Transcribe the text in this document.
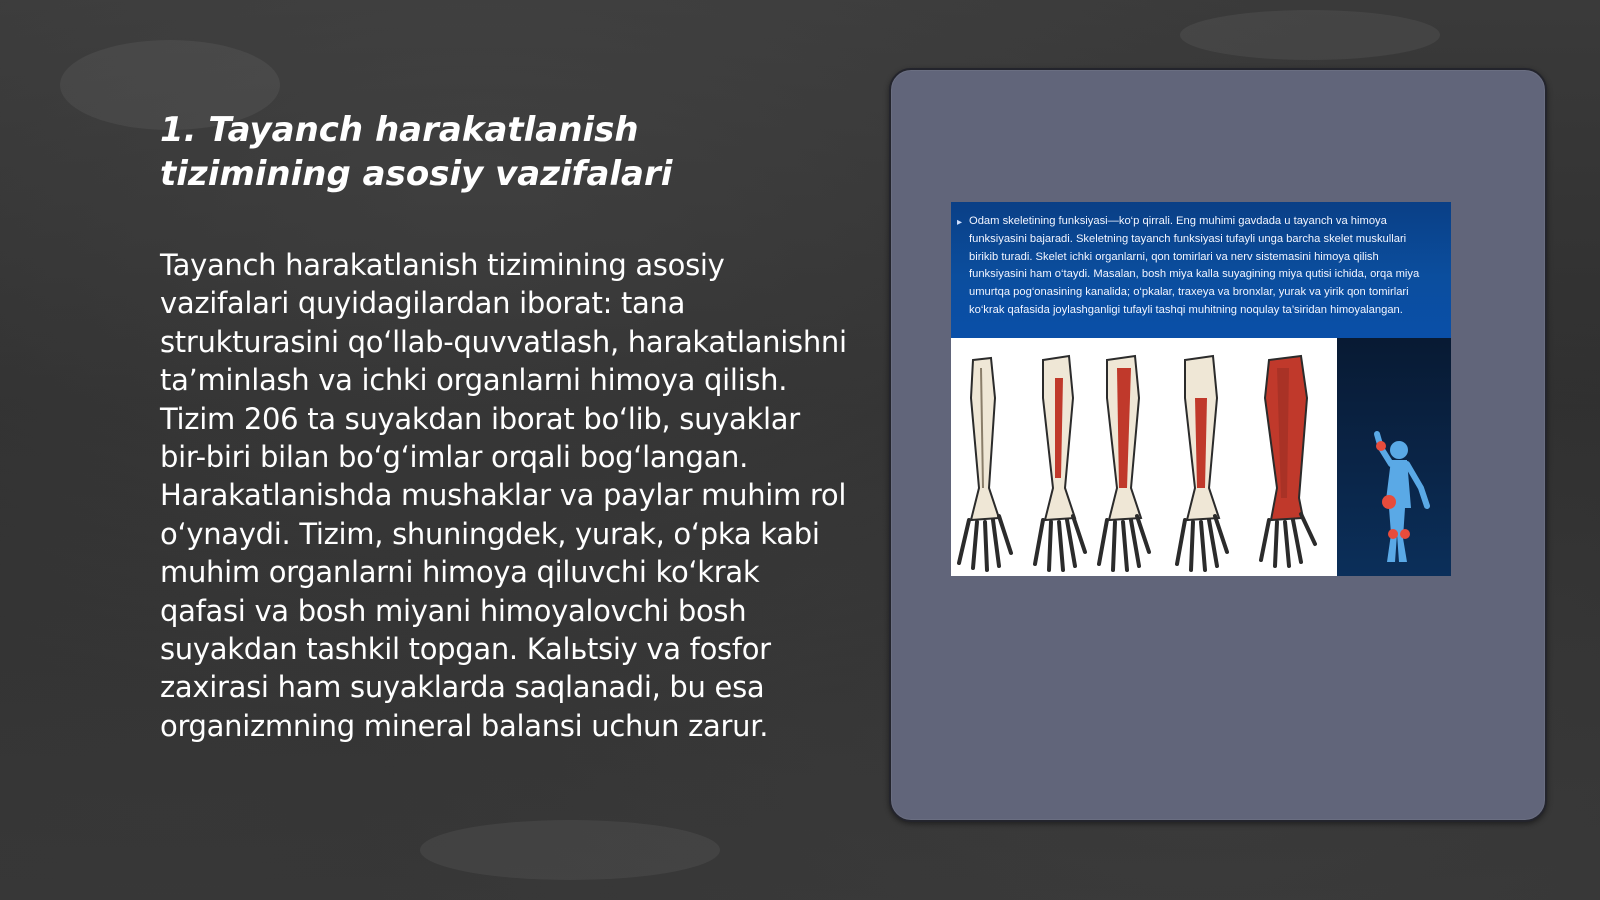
1. Tayanch harakatlanish tizimining asosiy vazifalari

Tayanch harakatlanish tizimining asosiy vazifalari quyidagilardan iborat: tana strukturasini qo‘llab-quvvatlash, harakatlanishni ta’minlash va ichki organlarni himoya qilish. Tizim 206 ta suyakdan iborat bo‘lib, suyaklar bir-biri bilan bo‘g‘imlar orqali bog‘langan. Harakatlanishda mushaklar va paylar muhim rol o‘ynaydi. Tizim, shuningdek, yurak, o‘pka kabi muhim organlarni himoya qiluvchi ko‘krak qafasi va bosh miyani himoyalovchi bosh suyakdan tashkil topgan. Kalьtsiy va fosfor zaxirasi ham suyaklarda saqlanadi, bu esa organizmning mineral balansi uchun zarur.

▸ Odam skeletining funksiyasi—ko‘p qirrali. Eng muhimi gavdada u tayanch va himoya funksiyasini bajaradi. Skeletning tayanch funksiyasi tufayli unga barcha skelet muskullari birikib turadi. Skelet ichki organlarni, qon tomirlari va nerv sistemasini himoya qilish funksiyasini ham o‘taydi. Masalan, bosh miya kalla suyagining miya qutisi ichida, orqa miya umurtqa pog‘onasining kanalida; o‘pkalar, traxeya va bronxlar, yurak va yirik qon tomirlari ko‘krak qafasida joylashganligi tufayli tashqi muhitning noqulay ta’siridan himoyalangan.
